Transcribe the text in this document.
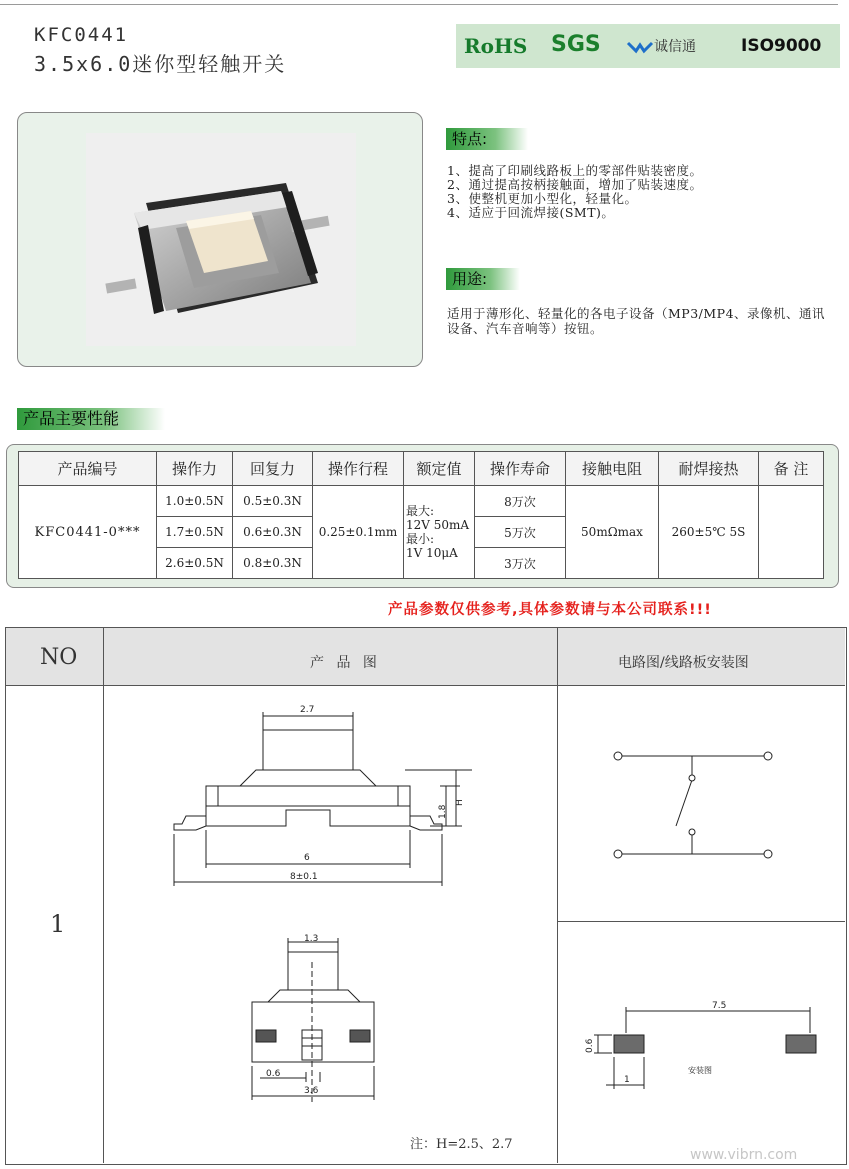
KFC0441
3.5x6.0迷你型轻触开关
RoHS SGS	诚信通	ISO9000
特点:
1、提高了印刷线路板上的零部件贴装密度。
2、通过提高按柄接触面，增加了贴装速度。
3、使整机更加小型化，轻量化。
4、适应于回流焊接(SMT)。
用途:
适用于薄形化、轻量化的各电子设备（MP3/MP4、录像机、通讯设备、汽车音响等）按钮。
产品主要性能
产品编号	操作力	回复力	操作行程	额定值	操作寿命	接触电阻	耐焊接热	备 注
KFC0441-0***	1.0±0.5N	0.5±0.3N	0.25±0.1mm	最大:
12V 50mA
最小:
1V 10μA	8万次	50mΩmax	260±5℃ 5S	
	1.7±0.5N	0.6±0.3N			5万次			
	2.6±0.5N	0.8±0.3N			3万次			
产品参数仅供参考,具体参数请与本公司联系!!!
NO	产 品 图	电路图/线路板安装图
1
2.7
1.8
H
6
8±0.1
1.3
0.6
3.6
注：H=2.5、2.7
7.5
0.6
1
安装图
www.vibrn.com
